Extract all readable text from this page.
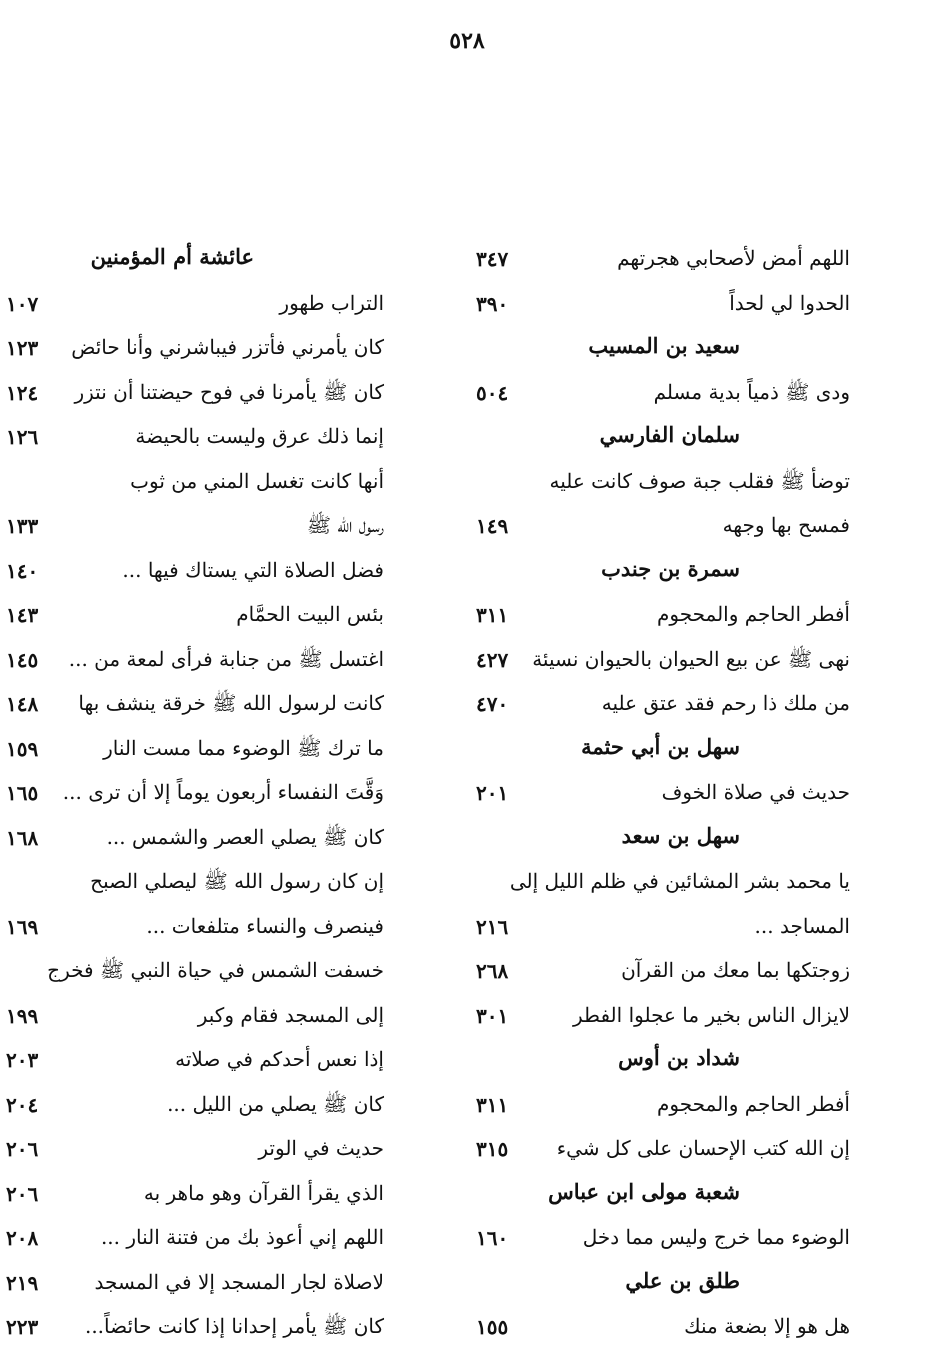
٥٢٨
اللهم أمض لأصحابي هجرتهم
٣٤٧
الحدوا لي لحداً
٣٩٠
سعيد بن المسيب
ودى ﷺ ذمياً بدية مسلم
٥٠٤
سلمان الفارسي
توضأ ﷺ فقلب جبة صوف كانت عليه
فمسح بها وجهه
١٤٩
سمرة بن جندب
أفطر الحاجم والمحجوم
٣١١
نهى ﷺ عن بيع الحيوان بالحيوان نسيئة
٤٢٧
من ملك ذا رحم فقد عتق عليه
٤٧٠
سهل بن أبي حثمة
حديث في صلاة الخوف
٢٠١
سهل بن سعد
يا محمد بشر المشائين في ظلم الليل إلى
المساجد ...
٢١٦
زوجتكها بما معك من القرآن
٢٦٨
لايزال الناس بخير ما عجلوا الفطر
٣٠١
شداد بن أوس
أفطر الحاجم والمحجوم
٣١١
إن الله كتب الإحسان على كل شيء
٣١٥
شعبة مولى ابن عباس
الوضوء مما خرج وليس مما دخل
١٦٠
طلق بن علي
هل هو إلا بضعة منك
١٥٥
عائشة أم المؤمنين
التراب طهور
١٠٧
كان يأمرني فأتزر فيباشرني وأنا حائض
١٢٣
كان ﷺ يأمرنا في فوح حيضتنا أن نتزر
١٢٤
إنما ذلك عرق وليست بالحيضة
١٢٦
أنها كانت تغسل المني من ثوب
رسول الله ﷺ
١٣٣
فضل الصلاة التي يستاك فيها ...
١٤٠
بئس البيت الحمَّام
١٤٣
اغتسل ﷺ من جنابة فرأى لمعة من ...
١٤٥
كانت لرسول الله ﷺ خرقة ينشف بها
١٤٨
ما ترك ﷺ الوضوء مما مست النار
١٥٩
وَقَّتَ النفساء أربعون يوماً إلا أن ترى ...
١٦٥
كان ﷺ يصلي العصر والشمس ...
١٦٨
إن كان رسول الله ﷺ ليصلي الصبح
فينصرف والنساء متلفعات ...
١٦٩
خسفت الشمس في حياة النبي ﷺ فخرج
إلى المسجد فقام وكبر
١٩٩
إذا نعس أحدكم في صلاته
٢٠٣
كان ﷺ يصلي من الليل ...
٢٠٤
حديث في الوتر
٢٠٦
الذي يقرأ القرآن وهو ماهر به
٢٠٦
اللهم إني أعوذ بك من فتنة النار ...
٢٠٨
لاصلاة لجار المسجد إلا في المسجد
٢١٩
كان ﷺ يأمر إحدانا إذا كانت حائضاً...
٢٢٣
